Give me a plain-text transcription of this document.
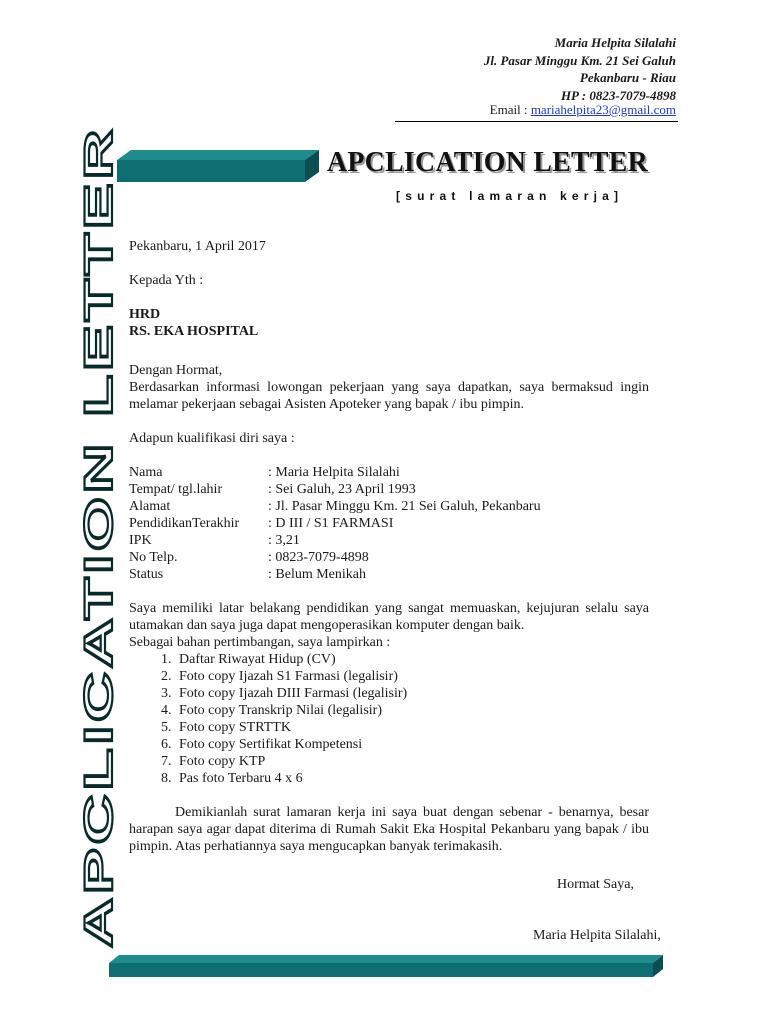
Maria Helpita Silalahi
Jl. Pasar Minggu Km. 21 Sei Galuh
Pekanbaru - Riau
HP : 0823-7079-4898
Email : mariahelpita23@gmail.com
APCLICATION LETTER
APCLICATION LETTER
[surat lamaran kerja]

Pekanbaru, 1 April 2017

Kepada Yth :

HRD

RS. EKA HOSPITAL

Dengan Hormat,

Berdasarkan informasi lowongan pekerjaan yang saya dapatkan, saya bermaksud ingin melamar pekerjaan sebagai Asisten Apoteker yang bapak / ibu pimpin.

Adapun kualifikasi diri saya :

Nama	: Maria Helpita Silalahi
Tempat/ tgl.lahir	: Sei Galuh, 23 April 1993
Alamat	: Jl. Pasar Minggu Km. 21 Sei Galuh, Pekanbaru
PendidikanTerakhir	: D III / S1 FARMASI
IPK	: 3,21
No Telp.	: 0823-7079-4898
Status	: Belum Menikah

Saya memiliki latar belakang pendidikan yang sangat memuaskan, kejujuran selalu saya utamakan dan saya juga dapat mengoperasikan komputer dengan baik.

Sebagai bahan pertimbangan, saya lampirkan :

1. Daftar Riwayat Hidup (CV)
2. Foto copy Ijazah S1 Farmasi (legalisir)
3. Foto copy Ijazah DIII Farmasi (legalisir)
4. Foto copy Transkrip Nilai (legalisir)
5. Foto copy STRTTK
6. Foto copy Sertifikat Kompetensi
7. Foto copy KTP
8. Pas foto Terbaru 4 x 6

Demikianlah surat lamaran kerja ini saya buat dengan sebenar - benarnya, besar harapan saya agar dapat diterima di Rumah Sakit Eka Hospital Pekanbaru yang bapak / ibu pimpin. Atas perhatiannya saya mengucapkan banyak terimakasih.

Hormat Saya,
Maria Helpita Silalahi,
